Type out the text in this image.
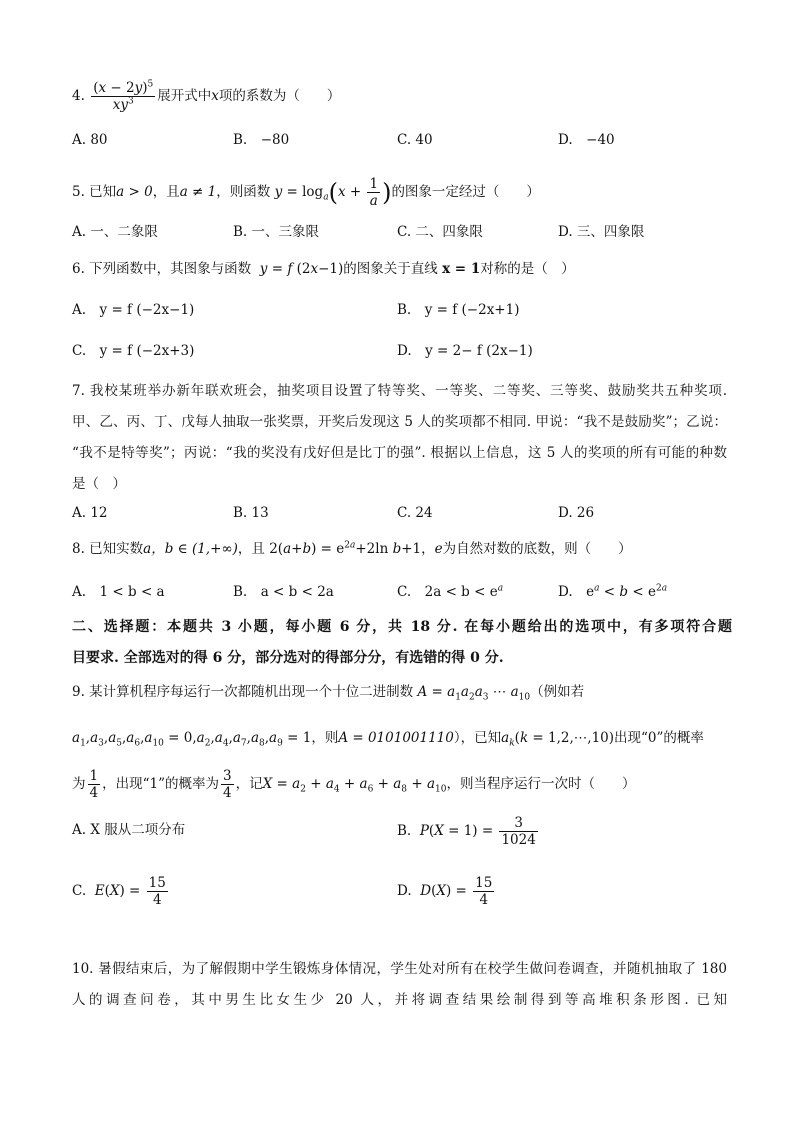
4. $\frac{(x - 2y)^5}{xy^3}$ 展开式中x项的系数为（　　）
A. 80	B.　−80	C. 40	D.　−40
5. 已知a > 0，且a ≠ 1，则函数 $y = \log_a(x + \frac{1}{a}$ )的图象一定经过（　　）
A. 一、二象限	B. 一、三象限	C. 二、四象限	D. 三、四象限
6. 下列函数中，其图象与函数 y = f (2x−1)的图象关于直线 x = 1对称的是（　）
A.　y = f (−2x−1)	B.　y = f (−2x+1)
C.　y = f (−2x+3)	D.　y = 2− f (2x−1)
7. 我校某班举办新年联欢班会，抽奖项目设置了特等奖、一等奖、二等奖、三等奖、鼓励奖共五种奖项.
甲、乙、丙、丁、戊每人抽取一张奖票，开奖后发现这 5 人的奖项都不相同. 甲说：“我不是鼓励奖”；乙说：
“我不是特等奖”；丙说：“我的奖没有戊好但是比丁的强”. 根据以上信息，这 5 人的奖项的所有可能的种数
是（　）
A. 12	B. 13	C. 24	D. 26
8. 已知实数a，b ∈ (1,+∞)，且 $2(a+b) = e^{2a}+2\ln$ b+1，e为自然对数的底数，则（　　）
A.　1 < b < a	B.　a < b < 2a	C.　$2a < b < e^a$	D.　$e^a < b < e^{2a}$
二、选择题：本题共 3 小题，每小题 6 分，共 18 分. 在每小题给出的选项中，有多项符合题
目要求. 全部选对的得 6 分，部分选对的得部分分，有选错的得 0 分.
9. 某计算机程序每运行一次都随机出现一个十位二进制数 $A = a_1a_2a_3$ ⋯ $a_{10}$（例如若
$a_1,a_3,a_5,a_6,a_{10} = 0,a_2,a_4,a_7,a_8,a_9 = 1$，则A = 0101001110），已知$a_k(k$ = 1,2,⋯,10)出现“0”的概率
为 $\frac{1}{4}$ ，出现“1”的概率为 $\frac{3}{4}$ ，记$X = a_2 + a_4 + a_6 + a_8 + a_{10}$，则当程序运行一次时（　　）
A. X 服从二项分布	B. $P(X = 1) = \frac{3}{1024}$
C. $E(X) = \frac{15}{4}$	D. $D(X) = \frac{15}{4}$
10. 暑假结束后，为了解假期中学生锻炼身体情况，学生处对所有在校学生做问卷调查，并随机抽取了 180
人的调查问卷，其中男生比女生少 20 人，并将调查结果绘制得到等高堆积条形图. 已知
